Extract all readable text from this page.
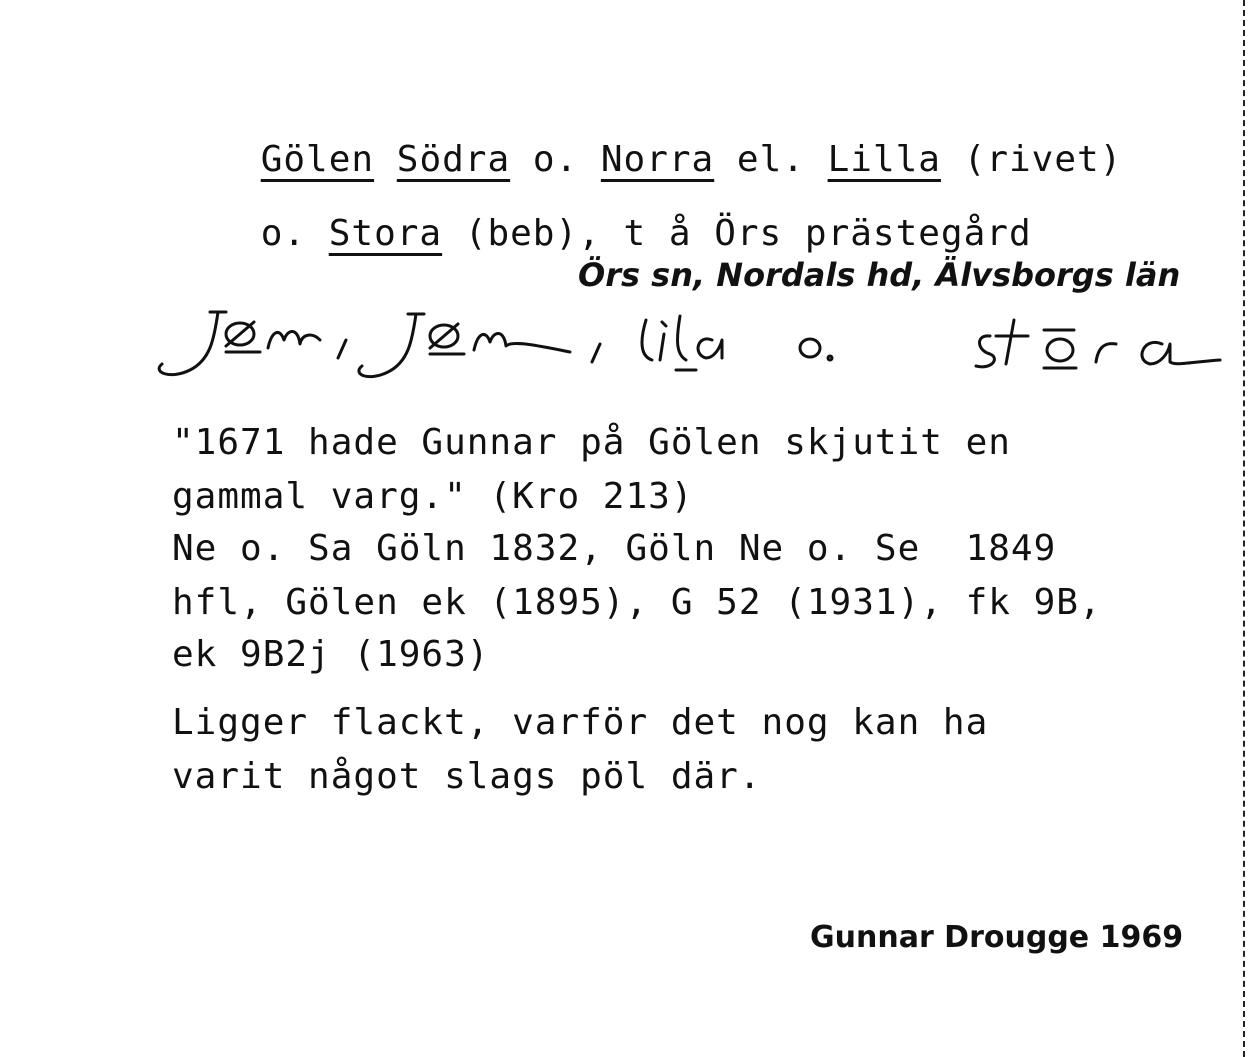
Gölen Södra o. Norra el. Lilla (rivet)

o. Stora (beb), t å Örs prästegård

Örs sn, Nordals hd, Älvsborgs län
"1671 hade Gunnar på Gölen skjutit en
gammal varg." (Kro 213)
Ne o. Sa Göln 1832, Göln Ne o. Se  1849
hfl, Gölen ek (1895), G 52 (1931), fk 9B,
ek 9B2j (1963)
Ligger flackt, varför det nog kan ha
varit något slags pöl där.
Gunnar Drougge 1969
